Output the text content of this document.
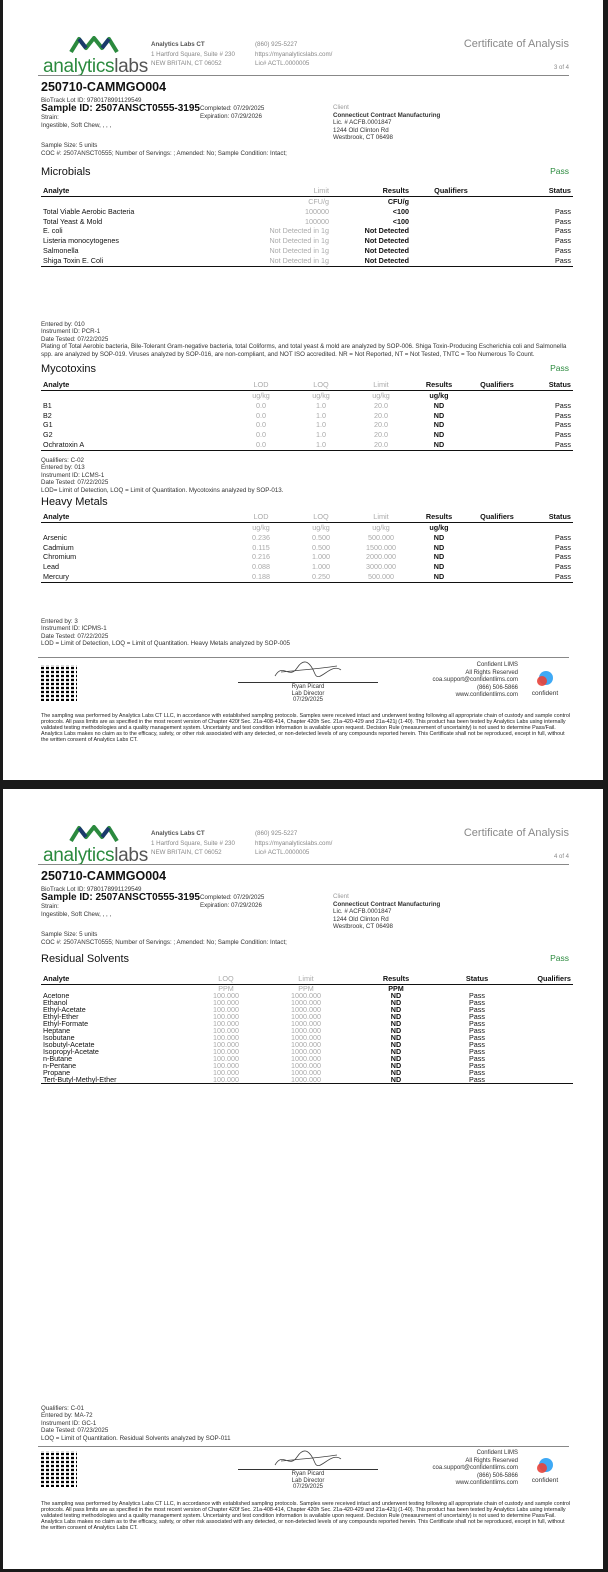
analyticslabs
Analytics Labs CT
1 Hartford Square, Suite # 230
NEW BRITAIN, CT 06052
(860) 925-5227
https://myanalyticslabs.com/
Lic# ACTL.0000005
Certificate of Analysis
3 of 4
250710-CAMMGO004
BioTrack Lot ID: 9780178991129549
Sample ID: 2507ANSCT0555-3195 Completed: 07/29/2025
Expiration: 07/29/2026
Strain:
Ingestible, Soft Chew, , , ,
Client
Connecticut Contract Manufacturing
Lic. # ACFB.0001847
1244 Old Clinton Rd
Westbrook, CT 06498
Sample Size: 5 units
COC #: 2507ANSCT0555; Number of Servings: ; Amended: No; Sample Condition: Intact;
Microbials	Pass
Analyte	Limit	Results	Qualifiers	Status
	CFU/g	CFU/g		
Total Viable Aerobic Bacteria	100000	<100		Pass
Total Yeast & Mold	100000	<100		Pass
E. coli	Not Detected in 1g	Not Detected		Pass
Listeria monocytogenes	Not Detected in 1g	Not Detected		Pass
Salmonella	Not Detected in 1g	Not Detected		Pass
Shiga Toxin E. Coli	Not Detected in 1g	Not Detected		Pass
Entered by: 010
Instrument ID: PCR-1
Date Tested: 07/22/2025
Plating of Total Aerobic bacteria, Bile-Tolerant Gram-negative bacteria, total Coliforms, and total yeast & mold are analyzed by SOP-006. Shiga Toxin-Producing Escherichia coli and Salmonella spp. are analyzed by SOP-019. Viruses analyzed by SOP-016, are non-compliant, and NOT ISO accredited. NR = Not Reported, NT = Not Tested, TNTC = Too Numerous To Count.
Mycotoxins	Pass
Analyte	LOD	LOQ	Limit	Results	Qualifiers	Status
	ug/kg	ug/kg	ug/kg	ug/kg		
B1	0.0	1.0	20.0	ND		Pass
B2	0.0	1.0	20.0	ND		Pass
G1	0.0	1.0	20.0	ND		Pass
G2	0.0	1.0	20.0	ND		Pass
Ochratoxin A	0.0	1.0	20.0	ND		Pass
Qualifiers: C-02
Entered by: 013
Instrument ID: LCMS-1
Date Tested: 07/22/2025
LOD= Limit of Detection, LOQ = Limit of Quantitation. Mycotoxins analyzed by SOP-013.
Heavy Metals
Analyte	LOD	LOQ	Limit	Results	Qualifiers	Status
	ug/kg	ug/kg	ug/kg	ug/kg		
Arsenic	0.236	0.500	500.000	ND		Pass
Cadmium	0.115	0.500	1500.000	ND		Pass
Chromium	0.216	1.000	2000.000	ND		Pass
Lead	0.088	1.000	3000.000	ND		Pass
Mercury	0.188	0.250	500.000	ND		Pass
Entered by: 3
Instrument ID: ICPMS-1
Date Tested: 07/22/2025
LOD = Limit of Detection, LOQ = Limit of Quantitation. Heavy Metals analyzed by SOP-005
Ryan Picard
Lab Director
07/29/2025
Confident LIMS
All Rights Reserved
coa.support@confidentlims.com
(866) 506-5866
www.confidentlims.com	confident
The sampling was performed by Analytics Labs CT LLC, in accordance with established sampling protocols. Samples were received intact and underwent testing following all appropriate chain of custody and sample control protocols. All pass limits are as specified in the most recent version of Chapter 420f Sec. 21a-408-414, Chapter 420h Sec. 21a-420-429 and 21a-421j (1-40). This product has been tested by Analytics Labs using internally validated testing methodologies and a quality management system. Uncertainty and test condition information is available upon request. Decision Rule (measurement of uncertainty) is not used to determine Pass/Fail. Analytics Labs makes no claim as to the efficacy, safety, or other risk associated with any detected, or non-detected levels of any compounds reported herein. This Certificate shall not be reproduced, except in full, without the written consent of Analytics Labs CT.
analyticslabs
Analytics Labs CT
1 Hartford Square, Suite # 230
NEW BRITAIN, CT 06052
(860) 925-5227
https://myanalyticslabs.com/
Lic# ACTL.0000005
Certificate of Analysis
4 of 4
250710-CAMMGO004
BioTrack Lot ID: 9780178991129549
Sample ID: 2507ANSCT0555-3195 Completed: 07/29/2025
Expiration: 07/29/2026
Strain:
Ingestible, Soft Chew, , , ,
Client
Connecticut Contract Manufacturing
Lic. # ACFB.0001847
1244 Old Clinton Rd
Westbrook, CT 06498
Sample Size: 5 units
COC #: 2507ANSCT0555; Number of Servings: ; Amended: No; Sample Condition: Intact;
Residual Solvents	Pass
Analyte	LOQ	Limit	Results	Status	Qualifiers
	PPM	PPM	PPM		
Acetone	100.000	1000.000	ND	Pass	
Ethanol	100.000	1000.000	ND	Pass	
Ethyl-Acetate	100.000	1000.000	ND	Pass	
Ethyl-Ether	100.000	1000.000	ND	Pass	
Ethyl-Formate	100.000	1000.000	ND	Pass	
Heptane	100.000	1000.000	ND	Pass	
Isobutane	100.000	1000.000	ND	Pass	
Isobutyl-Acetate	100.000	1000.000	ND	Pass	
Isopropyl-Acetate	100.000	1000.000	ND	Pass	
n-Butane	100.000	1000.000	ND	Pass	
n-Pentane	100.000	1000.000	ND	Pass	
Propane	100.000	1000.000	ND	Pass	
Tert-Butyl-Methyl-Ether	100.000	1000.000	ND	Pass	
Qualifiers: C-01
Entered by: MA-72
Instrument ID: GC-1
Date Tested: 07/23/2025
LOQ = Limit of Quantitation. Residual Solvents analyzed by SOP-011
Ryan Picard
Lab Director
07/29/2025
Confident LIMS
All Rights Reserved
coa.support@confidentlims.com
(866) 506-5866
www.confidentlims.com	confident
The sampling was performed by Analytics Labs CT LLC, in accordance with established sampling protocols. Samples were received intact and underwent testing following all appropriate chain of custody and sample control protocols. All pass limits are as specified in the most recent version of Chapter 420f Sec. 21a-408-414, Chapter 420h Sec. 21a-420-429 and 21a-421j (1-40). This product has been tested by Analytics Labs using internally validated testing methodologies and a quality management system. Uncertainty and test condition information is available upon request. Decision Rule (measurement of uncertainty) is not used to determine Pass/Fail. Analytics Labs makes no claim as to the efficacy, safety, or other risk associated with any detected, or non-detected levels of any compounds reported herein. This Certificate shall not be reproduced, except in full, without the written consent of Analytics Labs CT.
